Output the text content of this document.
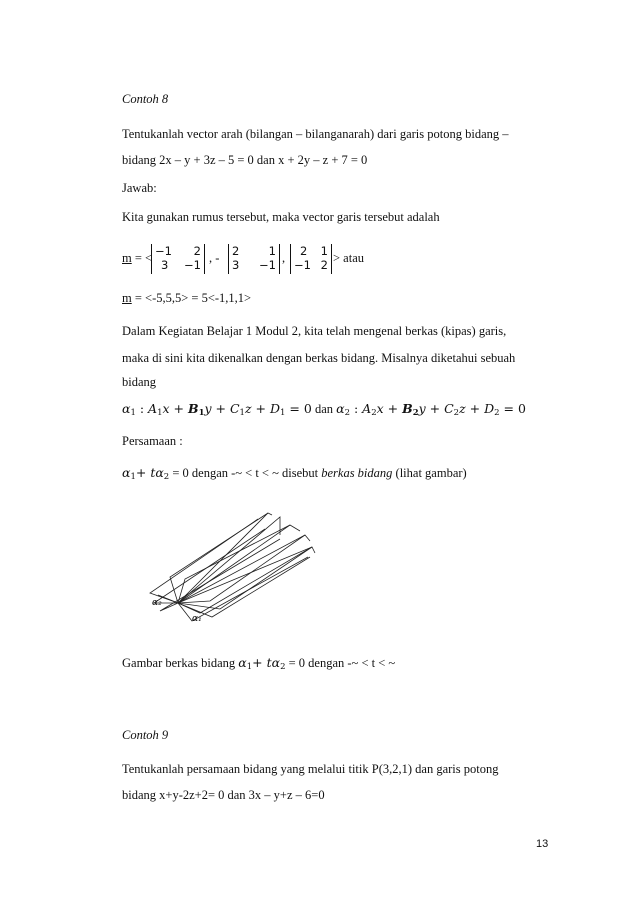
Contoh 8
Tentukanlah vector arah (bilangan – bilanganarah) dari garis potong bidang –
bidang 2x – y + 3z – 5 = 0 dan x + 2y – z + 7 = 0
Jawab:
Kita gunakan rumus tersebut, maka vector garis tersebut adalah
m = < −1 2
3 −1 , - 2	1
3 −1 ,	2 1
−1 2 > atau
m = <-5,5,5> = 5<-1,1,1>
Dalam Kegiatan Belajar 1 Modul 2, kita telah mengenal berkas (kipas) garis,
maka di sini kita dikenalkan dengan berkas bidang. Misalnya diketahui sebuah
bidang
$\alpha_1$ : $A_1x + B_1y + C_1z + D_1 = 0$ dan $\alpha_2$ : $A_2x + B_2y + C_2z + D_2 = 0$
Persamaan :
$\alpha_1+ t\alpha_2 = 0$ dengan -~ < t < ~ disebut berkas bidang (lihat gambar)
α₂
α₁
Gambar berkas bidang $\alpha_1+ t\alpha_2 = 0$ dengan -~ < t < ~
Contoh 9
Tentukanlah persamaan bidang yang melalui titik P(3,2,1) dan garis potong
bidang x+y-2z+2= 0 dan 3x – y+z – 6=0
13
